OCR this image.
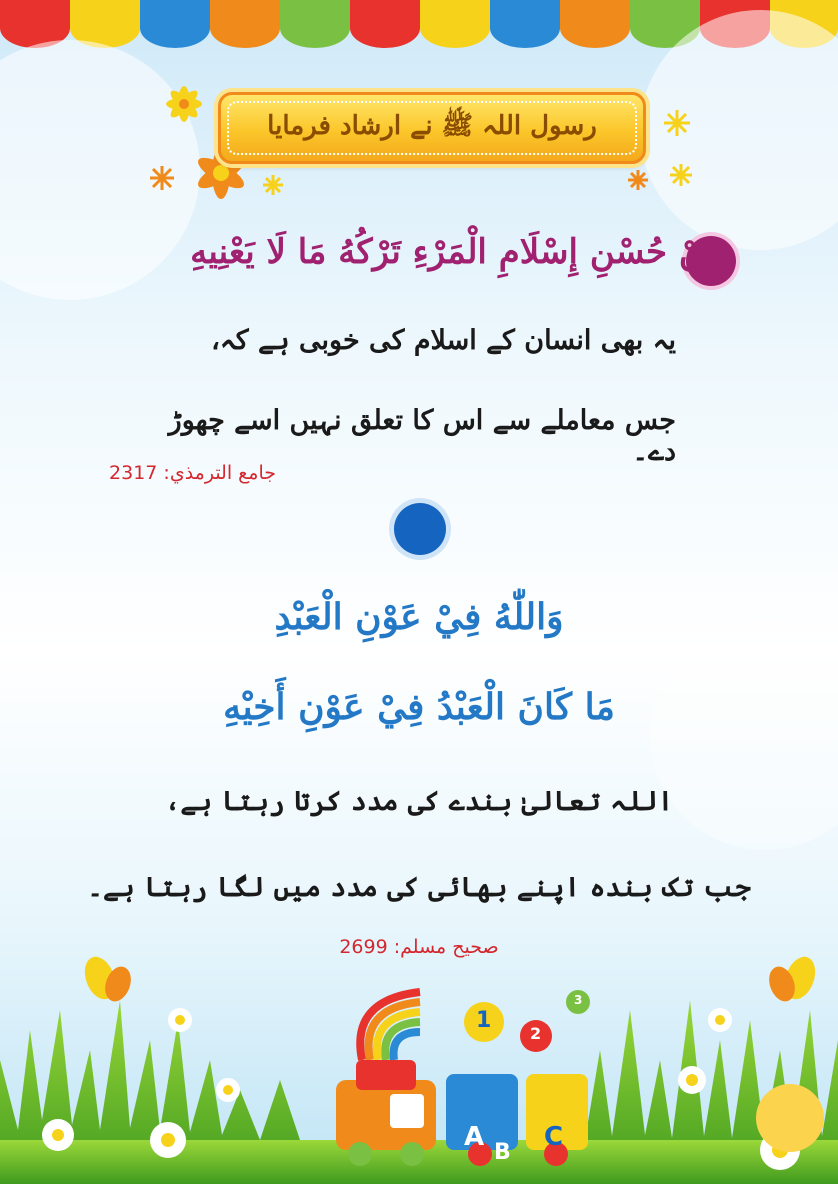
رسول اللہ ﷺ نے ارشاد فرمایا
مِنْ حُسْنِ إِسْلَامِ الْمَرْءِ تَرْكُهُ مَا لَا يَعْنِيهِ
یہ بھی انسان کے اسلام کی خوبی ہے کہ،
جس معاملے سے اس کا تعلق نہیں اسے چھوڑ دے۔
جامع الترمذي: 2317
وَاللّٰهُ فِيْ عَوْنِ الْعَبْدِ
مَا كَانَ الْعَبْدُ فِيْ عَوْنِ أَخِيْهِ
اللہ تعالیٰ بندے کی مدد کرتا رہتا ہے،
جب تک بندہ اپنے بھائی کی مدد میں لگا رہتا ہے۔
صحيح مسلم: 2699
A
B
C
1
2
3
